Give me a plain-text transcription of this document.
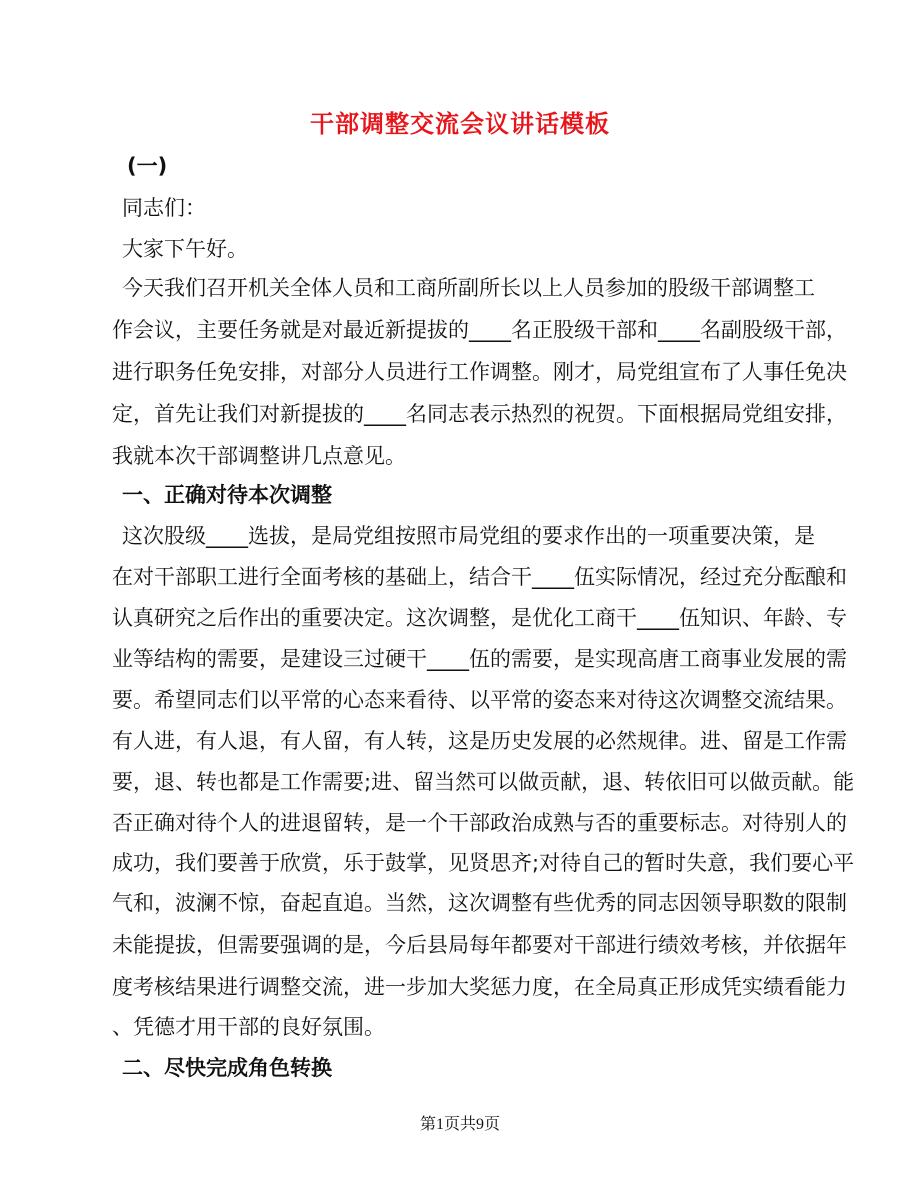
干部调整交流会议讲话模板
(一)
同志们：
大家下午好。
今天我们召开机关全体人员和工商所副所长以上人员参加的股级干部调整工
作会议，主要任务就是对最近新提拔的____名正股级干部和____名副股级干部，
进行职务任免安排，对部分人员进行工作调整。刚才，局党组宣布了人事任免决
定，首先让我们对新提拔的____名同志表示热烈的祝贺。下面根据局党组安排，
我就本次干部调整讲几点意见。
一、正确对待本次调整
这次股级____选拔，是局党组按照市局党组的要求作出的一项重要决策，是
在对干部职工进行全面考核的基础上，结合干____伍实际情况，经过充分酝酿和
认真研究之后作出的重要决定。这次调整，是优化工商干____伍知识、年龄、专
业等结构的需要，是建设三过硬干____伍的需要，是实现高唐工商事业发展的需
要。希望同志们以平常的心态来看待、以平常的姿态来对待这次调整交流结果。
有人进，有人退，有人留，有人转，这是历史发展的必然规律。进、留是工作需
要，退、转也都是工作需要;进、留当然可以做贡献，退、转依旧可以做贡献。能
否正确对待个人的进退留转，是一个干部政治成熟与否的重要标志。对待别人的
成功，我们要善于欣赏，乐于鼓掌，见贤思齐;对待自己的暂时失意，我们要心平
气和，波澜不惊，奋起直追。当然，这次调整有些优秀的同志因领导职数的限制
未能提拔，但需要强调的是，今后县局每年都要对干部进行绩效考核，并依据年
度考核结果进行调整交流，进一步加大奖惩力度，在全局真正形成凭实绩看能力
、凭德才用干部的良好氛围。
二、尽快完成角色转换
第1页共9页
